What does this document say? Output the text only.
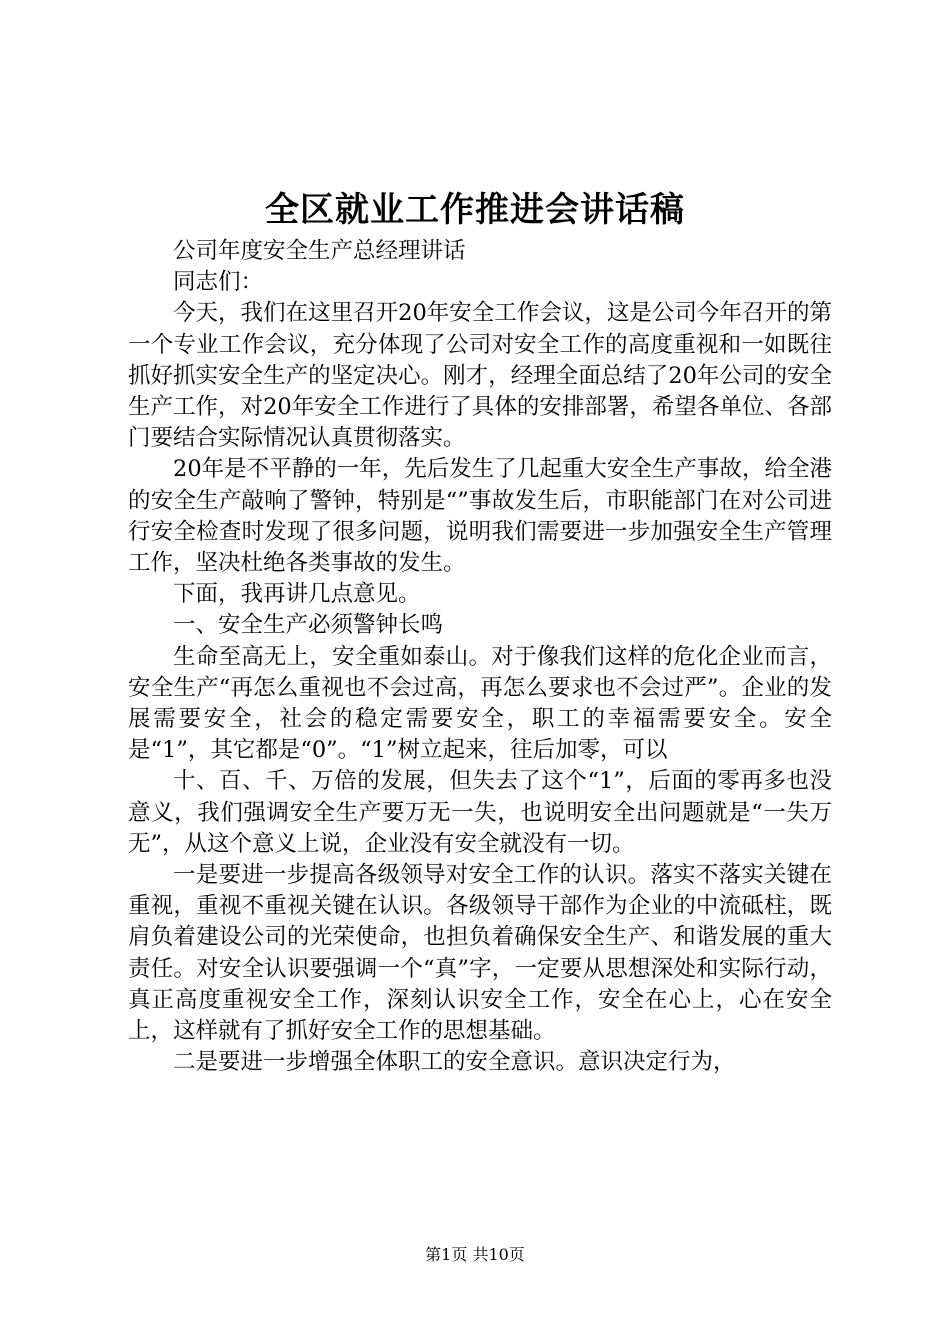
全区就业工作推进会讲话稿

公司年度安全生产总经理讲话

同志们：

今天，我们在这里召开20年安全工作会议，这是公司今年召开的第一个专业工作会议，充分体现了公司对安全工作的高度重视和一如既往抓好抓实安全生产的坚定决心。刚才，经理全面总结了20年公司的安全生产工作，对20年安全工作进行了具体的安排部署，希望各单位、各部门要结合实际情况认真贯彻落实。

20年是不平静的一年，先后发生了几起重大安全生产事故，给全港的安全生产敲响了警钟，特别是“”事故发生后，市职能部门在对公司进行安全检查时发现了很多问题，说明我们需要进一步加强安全生产管理工作，坚决杜绝各类事故的发生。

下面，我再讲几点意见。

一、安全生产必须警钟长鸣

生命至高无上，安全重如泰山。对于像我们这样的危化企业而言，安全生产“再怎么重视也不会过高，再怎么要求也不会过严”。企业的发展需要安全，社会的稳定需要安全，职工的幸福需要安全。安全是“1”，其它都是“0”。“1”树立起来，往后加零，可以

十、百、千、万倍的发展，但失去了这个“1”，后面的零再多也没意义，我们强调安全生产要万无一失，也说明安全出问题就是“一失万无”，从这个意义上说，企业没有安全就没有一切。

一是要进一步提高各级领导对安全工作的认识。落实不落实关键在重视，重视不重视关键在认识。各级领导干部作为企业的中流砥柱，既肩负着建设公司的光荣使命，也担负着确保安全生产、和谐发展的重大责任。对安全认识要强调一个“真”字，一定要从思想深处和实际行动，真正高度重视安全工作，深刻认识安全工作，安全在心上，心在安全上，这样就有了抓好安全工作的思想基础。

二是要进一步增强全体职工的安全意识。意识决定行为，

第1页 共10页
